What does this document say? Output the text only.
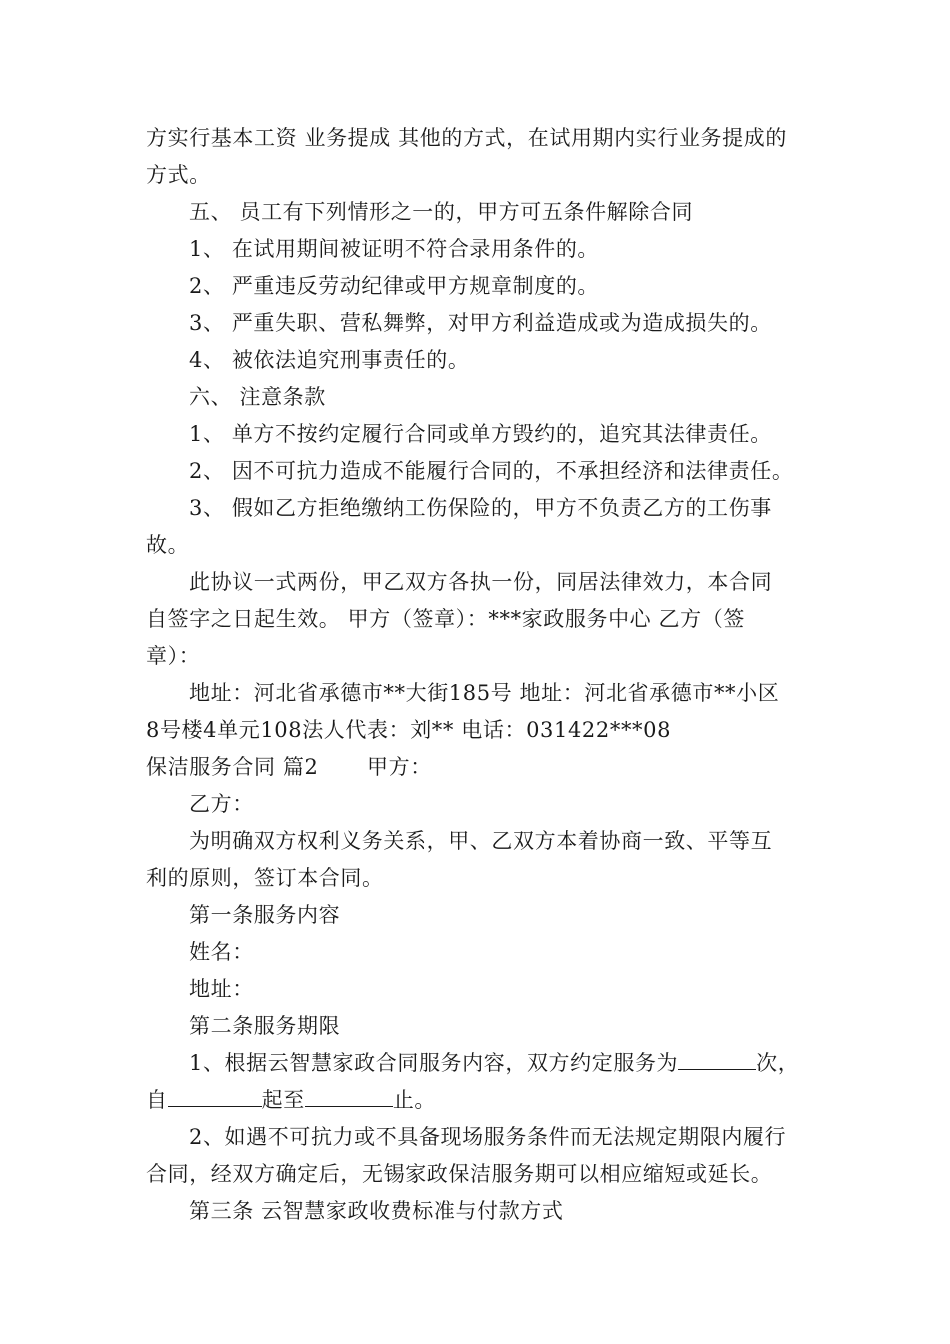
方实行基本工资 业务提成 其他的方式，在试用期内实行业务提成的
方式。
五、 员工有下列情形之一的，甲方可五条件解除合同
1、 在试用期间被证明不符合录用条件的。
2、 严重违反劳动纪律或甲方规章制度的。
3、 严重失职、营私舞弊，对甲方利益造成或为造成损失的。
4、 被依法追究刑事责任的。
六、 注意条款
1、 单方不按约定履行合同或单方毁约的，追究其法律责任。
2、 因不可抗力造成不能履行合同的，不承担经济和法律责任。
3、 假如乙方拒绝缴纳工伤保险的，甲方不负责乙方的工伤事
故。
此协议一式两份，甲乙双方各执一份，同居法律效力，本合同
自签字之日起生效。 甲方（签章）：***家政服务中心 乙方（签
章）：
地址：河北省承德市**大街185号 地址：河北省承德市**小区
8号楼4单元108法人代表：刘** 电话：031422***08
保洁服务合同 篇2 甲方：
乙方：
为明确双方权利义务关系，甲、乙双方本着协商一致、平等互
利的原则，签订本合同。
第一条服务内容
姓名：
地址：
第二条服务期限
1、根据云智慧家政合同服务内容，双方约定服务为	次，
自	起至	止。
2、如遇不可抗力或不具备现场服务条件而无法规定期限内履行
合同，经双方确定后，无锡家政保洁服务期可以相应缩短或延长。
第三条 云智慧家政收费标准与付款方式
